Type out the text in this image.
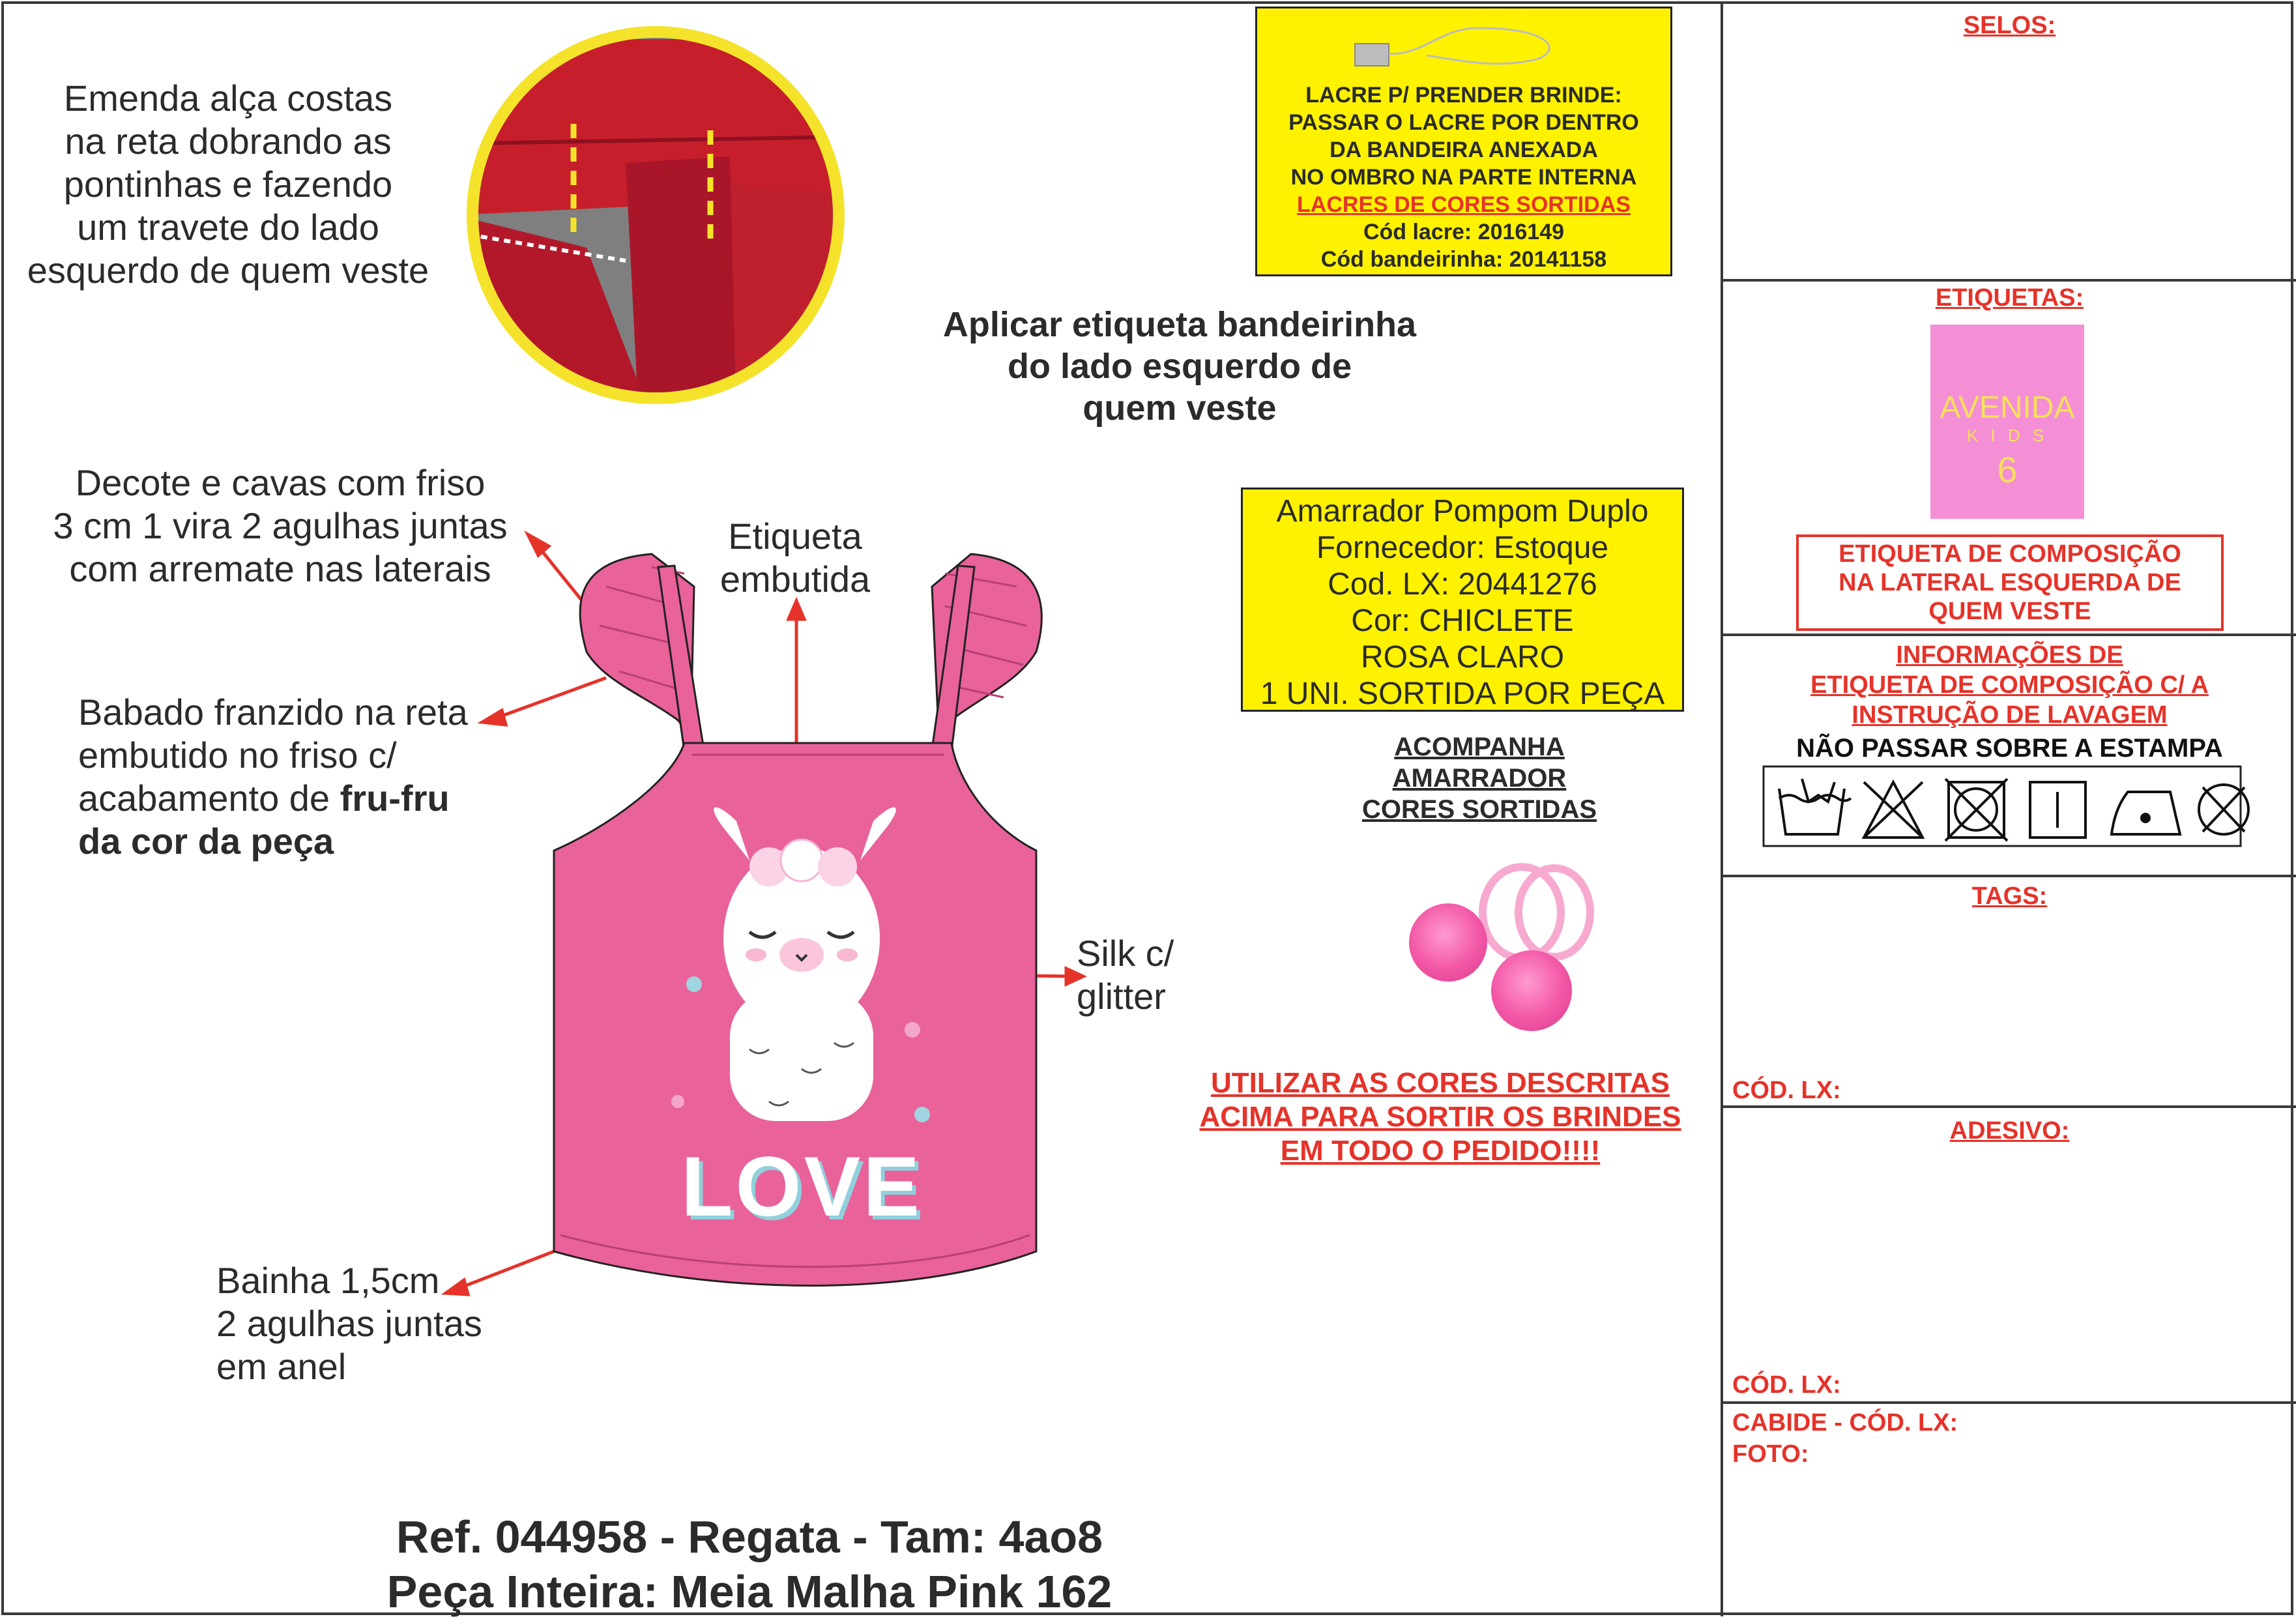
Emenda alça costas
na reta dobrando as
pontinhas e fazendo
um travete do lado
esquerdo de quem veste
Decote e cavas com friso
3 cm 1 vira 2 agulhas juntas
com arremate nas laterais
Babado franzido na reta
embutido no friso c/
acabamento de fru-fru
da cor da peça
Bainha 1,5cm
2 agulhas juntas
em anel
Etiqueta
embutida
Silk c/
glitter
Aplicar etiqueta bandeirinha
do lado esquerdo de
quem veste
LOVE

LACRE P/ PRENDER BRINDE:

PASSAR O LACRE POR DENTRO

DA BANDEIRA ANEXADA

NO OMBRO NA PARTE INTERNA

LACRES DE CORES SORTIDAS

Cód lacre: 2016149

Cód bandeirinha: 20141158

Amarrador Pompom Duplo

Fornecedor: Estoque

Cod. LX: 20441276

Cor: CHICLETE

ROSA CLARO

1 UNI. SORTIDA POR PEÇA

ACOMPANHA
AMARRADOR
CORES SORTIDAS
UTILIZAR AS CORES DESCRITAS
ACIMA PARA SORTIR OS BRINDES
EM TODO O PEDIDO!!!!
Ref. 044958 - Regata - Tam: 4ao8
Peça Inteira: Meia Malha Pink 162
SELOS:
ETIQUETAS:
AVENIDA
K I D S
6
ETIQUETA DE COMPOSIÇÃO
NA LATERAL ESQUERDA DE
QUEM VESTE
INFORMAÇÕES DE
ETIQUETA DE COMPOSIÇÃO C/ A
INSTRUÇÃO DE LAVAGEM
NÃO PASSAR SOBRE A ESTAMPA
TAGS:
CÓD. LX:
ADESIVO:
CÓD. LX:
CABIDE - CÓD. LX:
FOTO:
